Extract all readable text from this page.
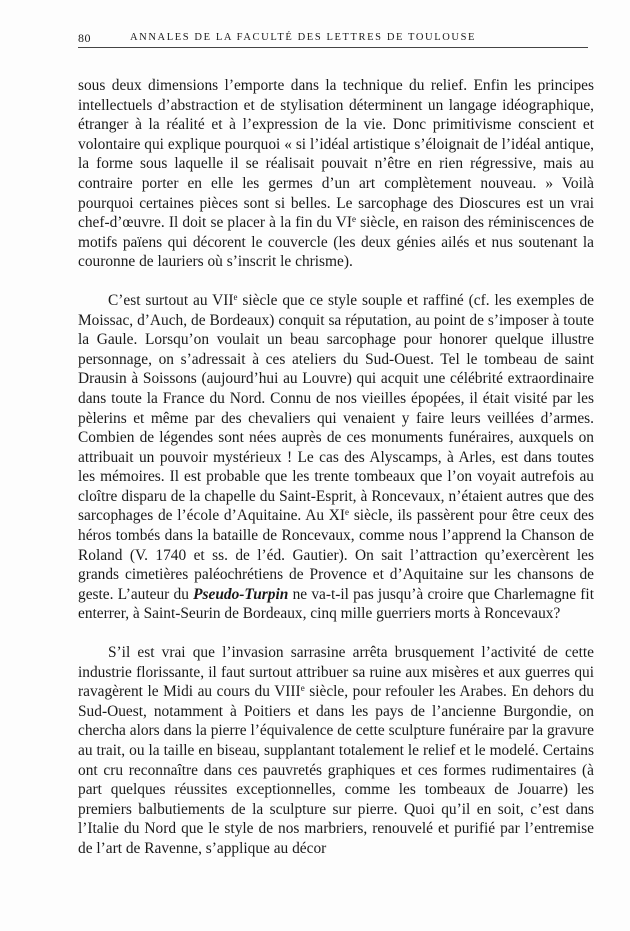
80	ANNALES DE LA FACULTÉ DES LETTRES DE TOULOUSE

sous deux dimensions l’emporte dans la technique du relief. Enfin les principes intellectuels d’abstraction et de stylisation déterminent un langage idéographique, étranger à la réalité et à l’expression de la vie. Donc primitivisme conscient et volontaire qui explique pourquoi « si l’idéal artistique s’éloignait de l’idéal antique, la forme sous laquelle il se réalisait pouvait n’être en rien régressive, mais au contraire porter en elle les germes d’un art complètement nouveau. » Voilà pourquoi certaines pièces sont si belles. Le sarcophage des Dioscures est un vrai chef-d’œuvre. Il doit se placer à la fin du VIe siècle, en raison des réminiscences de motifs païens qui décorent le couvercle (les deux génies ailés et nus soutenant la couronne de lauriers où s’inscrit le chrisme).

C’est surtout au VIIe siècle que ce style souple et raffiné (cf. les exemples de Moissac, d’Auch, de Bordeaux) conquit sa réputation, au point de s’imposer à toute la Gaule. Lorsqu’on voulait un beau sarcophage pour honorer quelque illustre personnage, on s’adressait à ces ateliers du Sud-Ouest. Tel le tombeau de saint Drausin à Soissons (aujourd’hui au Louvre) qui acquit une célébrité extraordinaire dans toute la France du Nord. Connu de nos vieilles épopées, il était visité par les pèlerins et même par des chevaliers qui venaient y faire leurs veillées d’armes. Combien de légendes sont nées auprès de ces monuments funéraires, auxquels on attribuait un pouvoir mystérieux ! Le cas des Alyscamps, à Arles, est dans toutes les mémoires. Il est probable que les trente tombeaux que l’on voyait autrefois au cloître disparu de la chapelle du Saint-Esprit, à Roncevaux, n’étaient autres que des sarcophages de l’école d’Aquitaine. Au XIe siècle, ils passèrent pour être ceux des héros tombés dans la bataille de Roncevaux, comme nous l’apprend la Chanson de Roland (V. 1740 et ss. de l’éd. Gautier). On sait l’attraction qu’exercèrent les grands cimetières paléochrétiens de Provence et d’Aquitaine sur les chansons de geste. L’auteur du Pseudo-Turpin ne va-t-il pas jusqu’à croire que Charlemagne fit enterrer, à Saint-Seurin de Bordeaux, cinq mille guerriers morts à Roncevaux?

S’il est vrai que l’invasion sarrasine arrêta brusquement l’activité de cette industrie florissante, il faut surtout attribuer sa ruine aux misères et aux guerres qui ravagèrent le Midi au cours du VIIIe siècle, pour refouler les Arabes. En dehors du Sud-Ouest, notamment à Poitiers et dans les pays de l’ancienne Burgondie, on chercha alors dans la pierre l’équivalence de cette sculpture funéraire par la gravure au trait, ou la taille en biseau, supplantant totalement le relief et le modelé. Certains ont cru reconnaître dans ces pauvretés graphiques et ces formes rudimentaires (à part quelques réussites exceptionnelles, comme les tombeaux de Jouarre) les premiers balbutiements de la sculpture sur pierre. Quoi qu’il en soit, c’est dans l’Italie du Nord que le style de nos marbriers, renouvelé et purifié par l’entremise de l’art de Ravenne, s’applique au décor
